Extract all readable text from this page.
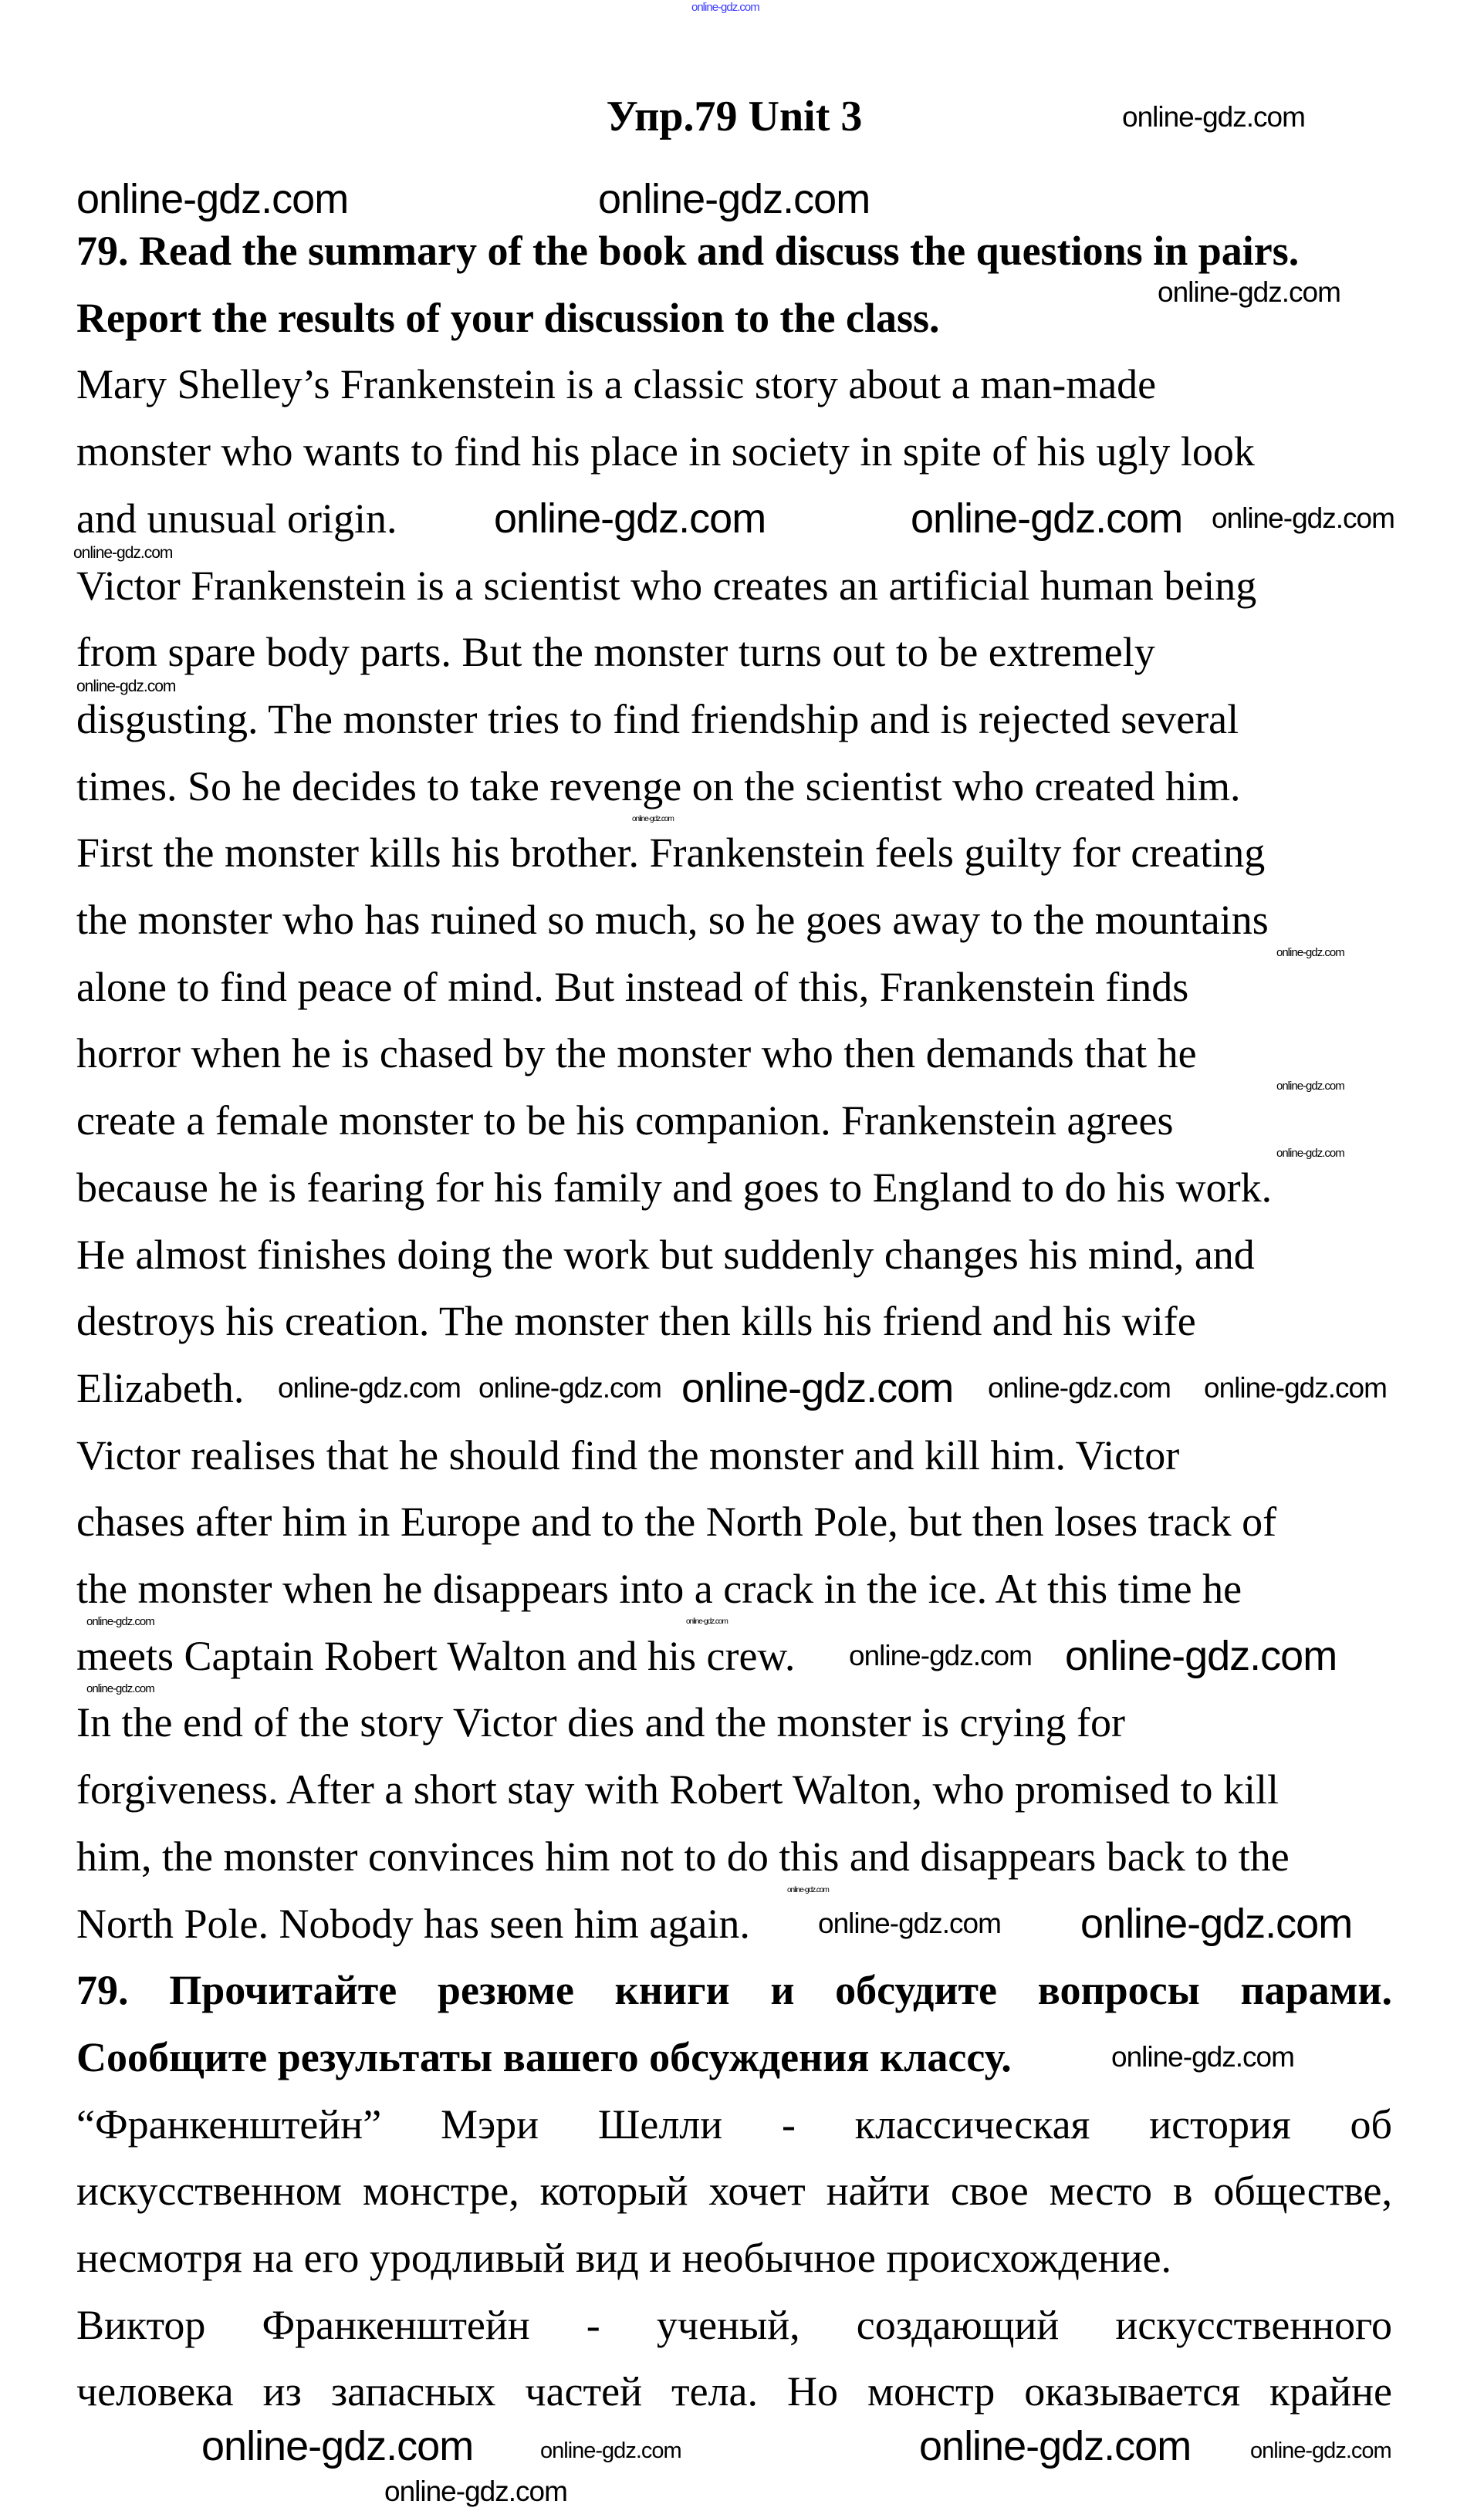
Упр.79 Unit 3
79. Read the summary of the book and discuss the questions in pairs.
Report the results of your discussion to the class.
Mary Shelley’s Frankenstein is a classic story about a man-made
monster who wants to find his place in society in spite of his ugly look
and unusual origin.
Victor Frankenstein is a scientist who creates an artificial human being
from spare body parts. But the monster turns out to be extremely
disgusting. The monster tries to find friendship and is rejected several
times. So he decides to take revenge on the scientist who created him.
First the monster kills his brother. Frankenstein feels guilty for creating
the monster who has ruined so much, so he goes away to the mountains
alone to find peace of mind. But instead of this, Frankenstein finds
horror when he is chased by the monster who then demands that he
create a female monster to be his companion. Frankenstein agrees
because he is fearing for his family and goes to England to do his work.
He almost finishes doing the work but suddenly changes his mind, and
destroys his creation. The monster then kills his friend and his wife
Elizabeth.
Victor realises that he should find the monster and kill him. Victor
chases after him in Europe and to the North Pole, but then loses track of
the monster when he disappears into a crack in the ice. At this time he
meets Captain Robert Walton and his crew.
In the end of the story Victor dies and the monster is crying for
forgiveness. After a short stay with Robert Walton, who promised to kill
him, the monster convinces him not to do this and disappears back to the
North Pole. Nobody has seen him again.
79. Прочитайте резюме книги и обсудите вопросы парами.
Сообщите результаты вашего обсуждения классу.
“Франкенштейн” Мэри Шелли - классическая история об
искусственном монстре, который хочет найти свое место в обществе,
несмотря на его уродливый вид и необычное происхождение.
Виктор Франкенштейн - ученый, создающий искусственного
человека из запасных частей тела. Но монстр оказывается крайне
online-gdz.com
online-gdz.com
online-gdz.com	online-gdz.com
online-gdz.com
online-gdz.com
online-gdz.com	online-gdz.com
online-gdz.com
online-gdz.com
online-gdz.com
online-gdz.com online-gdz.com
online-gdz.com
online-gdz.com
online-gdz.com
online-gdz.com
online-gdz.com
online-gdz.com
online-gdz.com
online-gdz.com online-gdz.com
online-gdz.com
online-gdz.com
online-gdz.com
online-gdz.com
online-gdz.com
online-gdz.com
online-gdz.com
online-gdz.com
online-gdz.com
online-gdz.com	online-gdz.com
